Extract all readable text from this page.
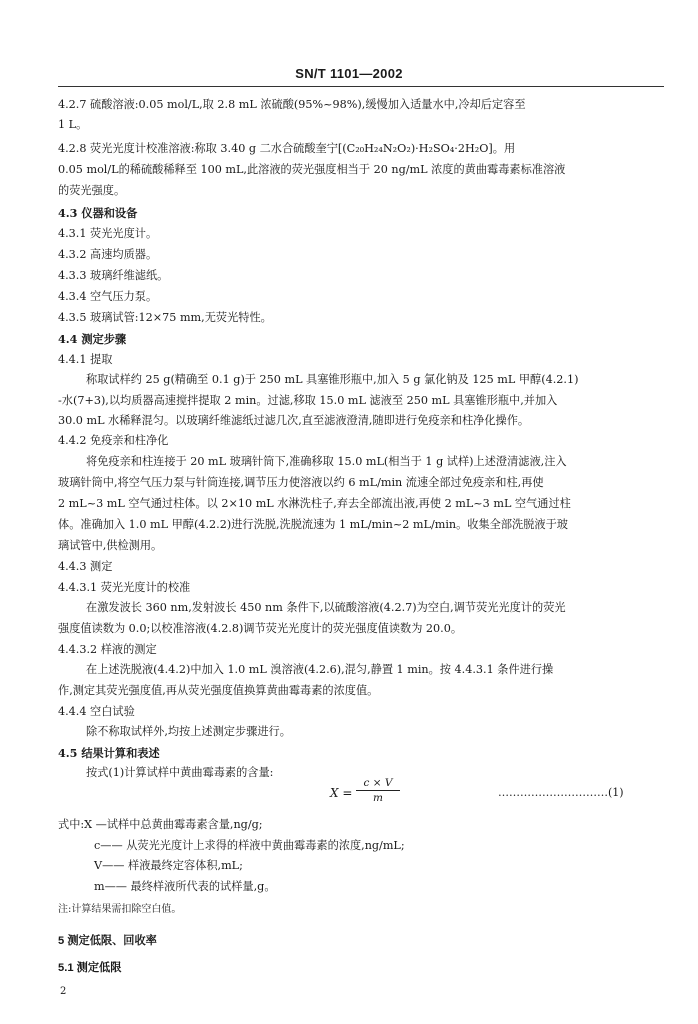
SN/T 1101—2002
4.2.7 硫酸溶液:0.05 mol/L,取 2.8 mL 浓硫酸(95%~98%),缓慢加入适量水中,冷却后定容至
1 L。
4.2.8 荧光光度计校准溶液:称取 3.40 g 二水合硫酸奎宁[(C₂₀H₂₄N₂O₂)·H₂SO₄·2H₂O]。用
0.05 mol/L的稀硫酸稀释至 100 mL,此溶液的荧光强度相当于 20 ng/mL 浓度的黄曲霉毒素标准溶液
的荧光强度。
4.3 仪器和设备
4.3.1 荧光光度计。
4.3.2 高速均质器。
4.3.3 玻璃纤维滤纸。
4.3.4 空气压力泵。
4.3.5 玻璃试管:12×75 mm,无荧光特性。
4.4 测定步骤
4.4.1 提取
称取试样约 25 g(精确至 0.1 g)于 250 mL 具塞锥形瓶中,加入 5 g 氯化钠及 125 mL 甲醇(4.2.1)
-水(7+3),以均质器高速搅拌提取 2 min。过滤,移取 15.0 mL 滤液至 250 mL 具塞锥形瓶中,并加入
30.0 mL 水稀释混匀。以玻璃纤维滤纸过滤几次,直至滤液澄清,随即进行免疫亲和柱净化操作。
4.4.2 免疫亲和柱净化
将免疫亲和柱连接于 20 mL 玻璃针筒下,准确移取 15.0 mL(相当于 1 g 试样)上述澄清滤液,注入
玻璃针筒中,将空气压力泵与针筒连接,调节压力使溶液以约 6 mL/min 流速全部过免疫亲和柱,再使
2 mL~3 mL 空气通过柱体。以 2×10 mL 水淋洗柱子,弃去全部流出液,再使 2 mL~3 mL 空气通过柱
体。准确加入 1.0 mL 甲醇(4.2.2)进行洗脱,洗脱流速为 1 mL/min~2 mL/min。收集全部洗脱液于玻
璃试管中,供检测用。
4.4.3 测定
4.4.3.1 荧光光度计的校准
在激发波长 360 nm,发射波长 450 nm 条件下,以硫酸溶液(4.2.7)为空白,调节荧光光度计的荧光
强度值读数为 0.0;以校准溶液(4.2.8)调节荧光光度计的荧光强度值读数为 20.0。
4.4.3.2 样液的测定
在上述洗脱液(4.4.2)中加入 1.0 mL 溴溶液(4.2.6),混匀,静置 1 min。按 4.4.3.1 条件进行操
作,测定其荧光强度值,再从荧光强度值换算黄曲霉毒素的浓度值。
4.4.4 空白试验
除不称取试样外,均按上述测定步骤进行。
4.5 结果计算和表述
按式(1)计算试样中黄曲霉毒素的含量:
X =
c × V
m	…………………………(1)
式中:X —试样中总黄曲霉毒素含量,ng/g;
c—— 从荧光光度计上求得的样液中黄曲霉毒素的浓度,ng/mL;
V—— 样液最终定容体积,mL;
m—— 最终样液所代表的试样量,g。
注:计算结果需扣除空白值。
5 测定低限、回收率
5.1 测定低限
2
